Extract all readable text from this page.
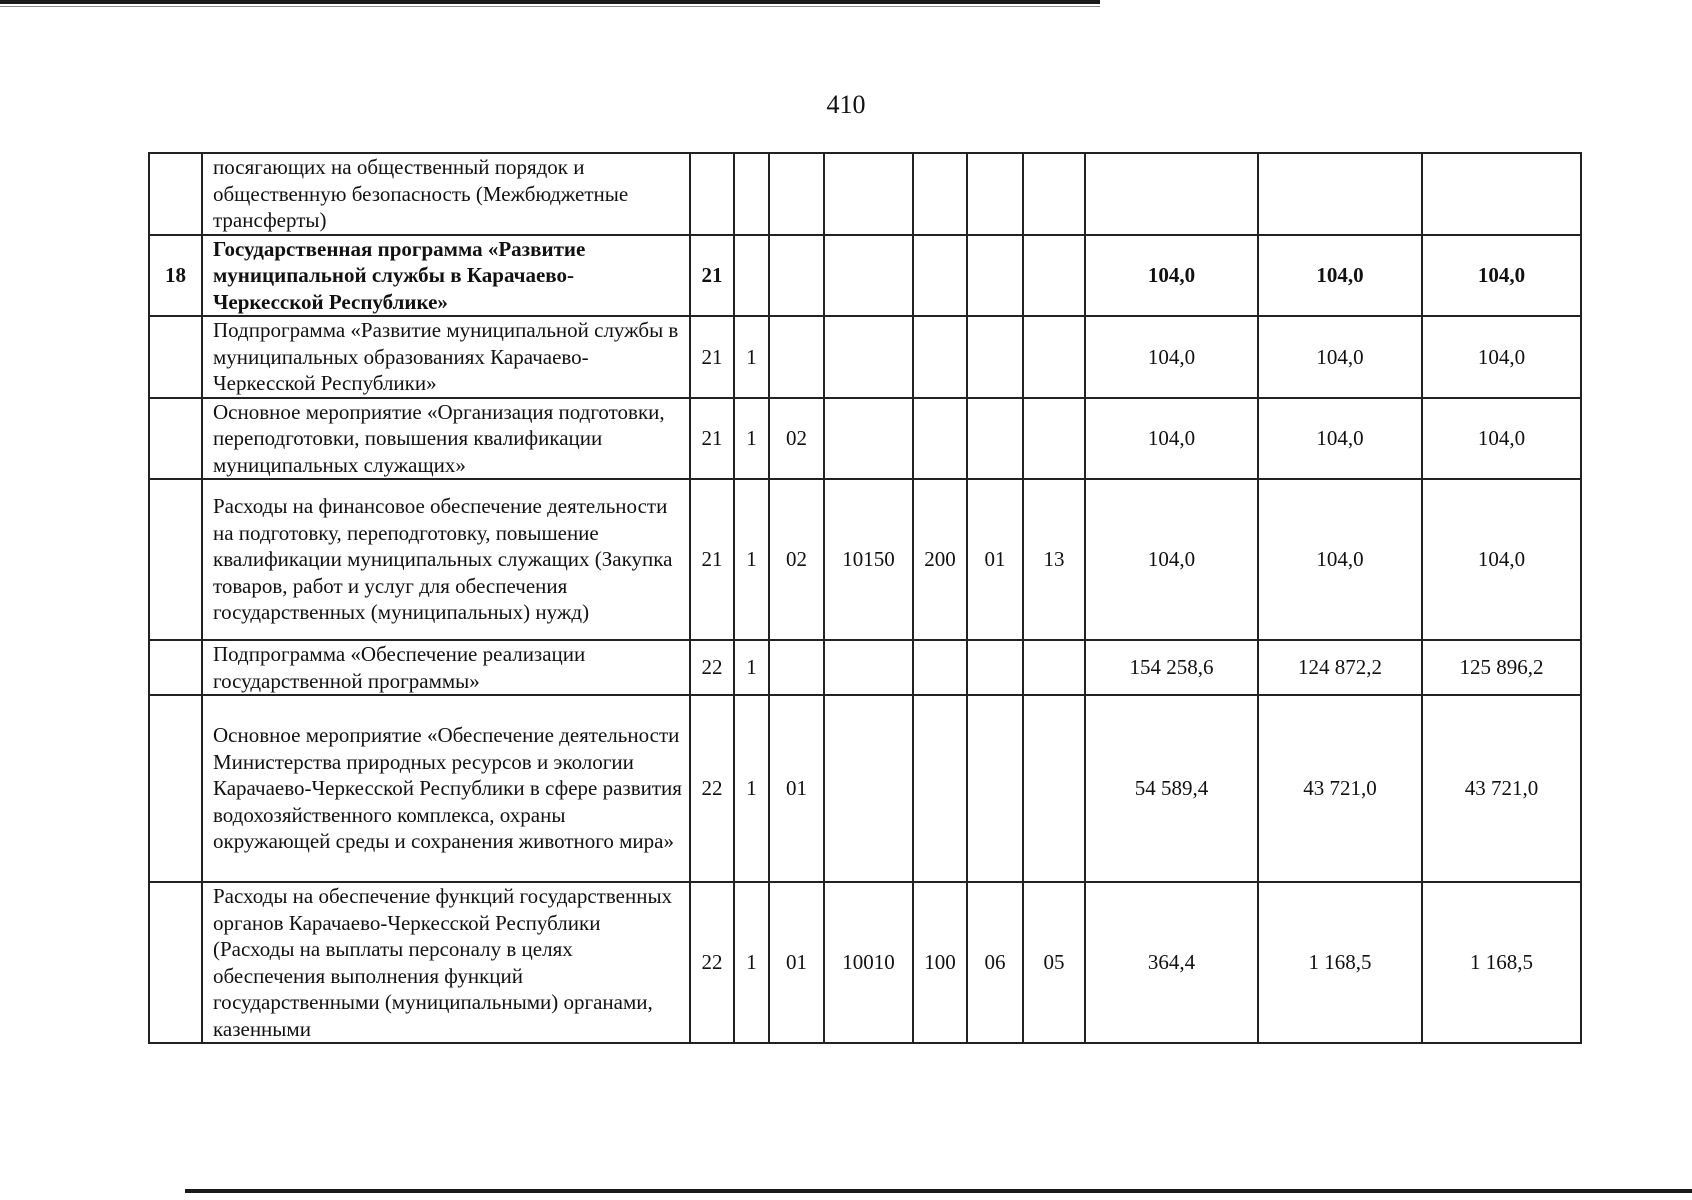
410
	посягающих на общественный порядок и общественную безопасность (Межбюджетные трансферты)										
18	Государственная программа «Развитие муниципальной службы в Карачаево-Черкесской Республике»	21							104,0	104,0	104,0
	Подпрограмма «Развитие муниципальной службы в муниципальных образованиях Карачаево-Черкесской Республики»	21	1						104,0	104,0	104,0
	Основное мероприятие «Организация подготовки, переподготовки, повышения квалификации муниципальных служащих»	21	1	02					104,0	104,0	104,0
	Расходы на финансовое обеспечение деятельности на подготовку, переподготовку, повышение квалификации муниципальных служащих (Закупка товаров, работ и услуг для обеспечения государственных (муниципальных) нужд)	21	1	02	10150	200	01	13	104,0	104,0	104,0
	Подпрограмма «Обеспечение реализации государственной программы»	22	1						154 258,6	124 872,2	125 896,2
	Основное мероприятие «Обеспечение деятельности Министерства природных ресурсов и экологии Карачаево-Черкесской Республики в сфере развития водохозяйственного комплекса, охраны окружающей среды и сохранения животного мира»	22	1	01					54 589,4	43 721,0	43 721,0
	Расходы на обеспечение функций государственных органов Карачаево-Черкесской Республики (Расходы на выплаты персоналу в целях обеспечения выполнения функций государственными (муниципальными) органами, казенными	22	1	01	10010	100	06	05	364,4	1 168,5	1 168,5
